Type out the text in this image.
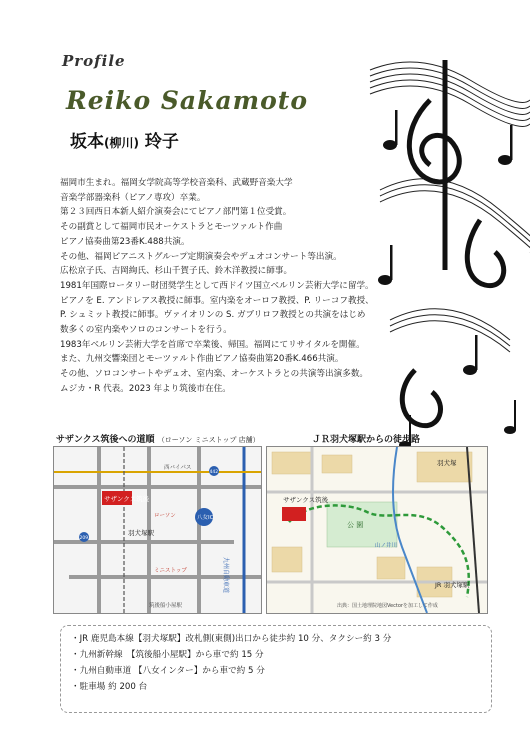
Profile
Reiko Sakamoto
坂本(柳川) 玲子

福岡市生まれ。福岡女学院高等学校音楽科、武蔵野音楽大学

音楽学部器楽科（ピアノ専攻）卒業。

第２３回西日本新人紹介演奏会にてピアノ部門第１位受賞。

その副賞として福岡市民オーケストラとモーツァルト作曲

ピアノ協奏曲第23番K.488共演。

その他、福岡ピアニストグループ定期演奏会やデュオコンサート等出演。

広松京子氏、吉岡絢氏、杉山千賀子氏、鈴木洋教授に師事。

1981年国際ロータリー財団奨学生として西ドイツ国立ベルリン芸術大学に留学。

ピアノを E. アンドレアス教授に師事。室内楽をオーロフ教授、P. リーコフ教授、

P. シュミット教授に師事。ヴァイオリンの S. ガブリロフ教授との共演をはじめ

数多くの室内楽やソロのコンサートを行う。

1983年ベルリン芸術大学を首席で卒業後、帰国。福岡にてリサイタルを開催。

また、九州交響楽団とモーツァルト作曲ピアノ協奏曲第20番K.466共演。

その他、ソロコンサートやデュオ、室内楽、オーケストラとの共演等出演多数。

ムジカ・R 代表。2023 年より筑後市在住。

サザンクス筑後への道順 （ローソン ミニストップ 店舗）	ＪＲ羽犬塚駅からの徒歩路
サザンクス筑後
羽犬塚駅
九州自動車道
八女IC
ローソン
ミニストップ
西バイパス
筑後船小屋駅
442
209
サザンクス筑後
公 園
JR 羽犬塚駅
羽犬塚
山ノ井川
出典：国土地理院地図Vectorを加工して作成
・ JR 鹿児島本線【羽犬塚駅】改札側(東側)出口から徒歩約 10 分、タクシー約 3 分
・ 九州新幹線　【筑後船小屋駅】から車で約 15 分
・ 九州自動車道 【八女インター】から車で約 5 分
・ 駐車場 約 200 台
